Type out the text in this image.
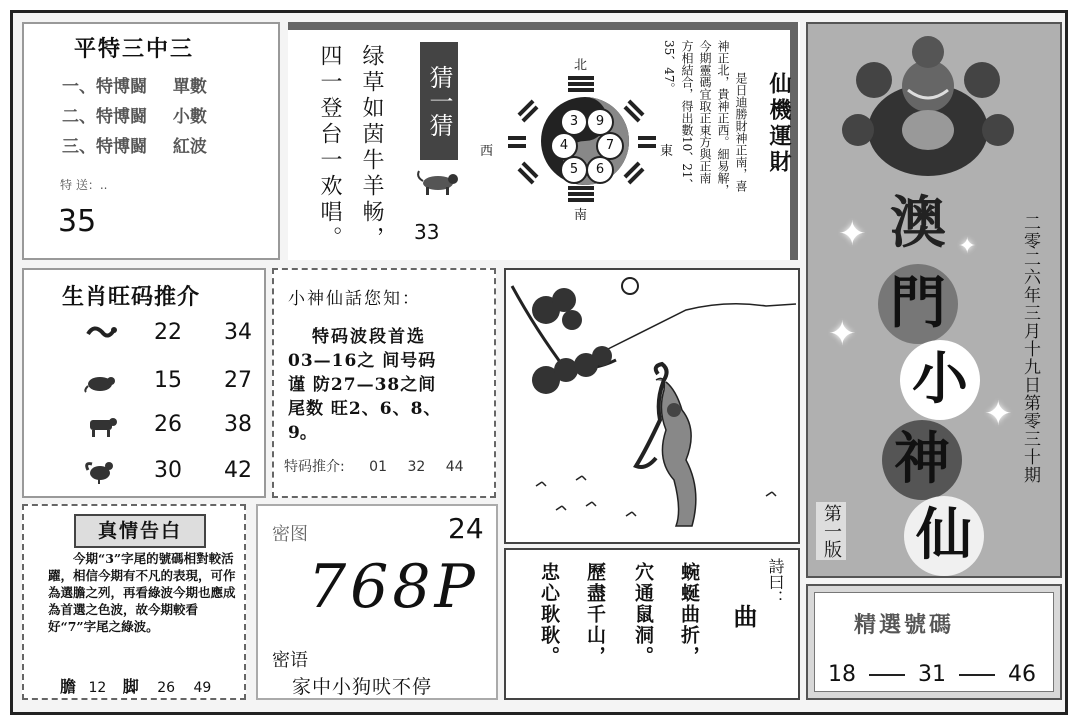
平特三中三
一、特博闘 單數
二、特博闘 小數
三、特博闘 紅波
特 送：..
35	绿草如茵牛羊畅，
四一登台一欢唱。	猜一猜
33
北
南
西	東
3	9
4	7
5	6	仙機運財
是日迪勝財神正南，喜
神正北，貴神正西。細易解，
今期靈碼宜取正東方與正南
方相結合，得出數10、21、
35、47。
生肖旺码推介
22	34
15	27
26	38
30	42
小神仙話您知：
特码波段首选
03—16之 间号码
谨 防27—38之间
尾数 旺2、6、8、
9。
特码推介: 01 32 44
真情告白
今期“3”字尾的號碼相對較活躍，相信今期有不凡的表現，可作為選膽之列，再看綠波今期也應成為首選之色波，故今期較看好“7”字尾之綠波。
膽 12 脚 26 49
密图	24
768P
密语
家中小狗吠不停
詩曰：
曲
蜿蜒曲折，
穴通鼠洞。
歷盡千山，
忠心耿耿。
✦
✦
✦
✦
澳
門
小
神
仙
二零二六年三月十九日第零三十期
第一版
精選號碼
18	31	46
